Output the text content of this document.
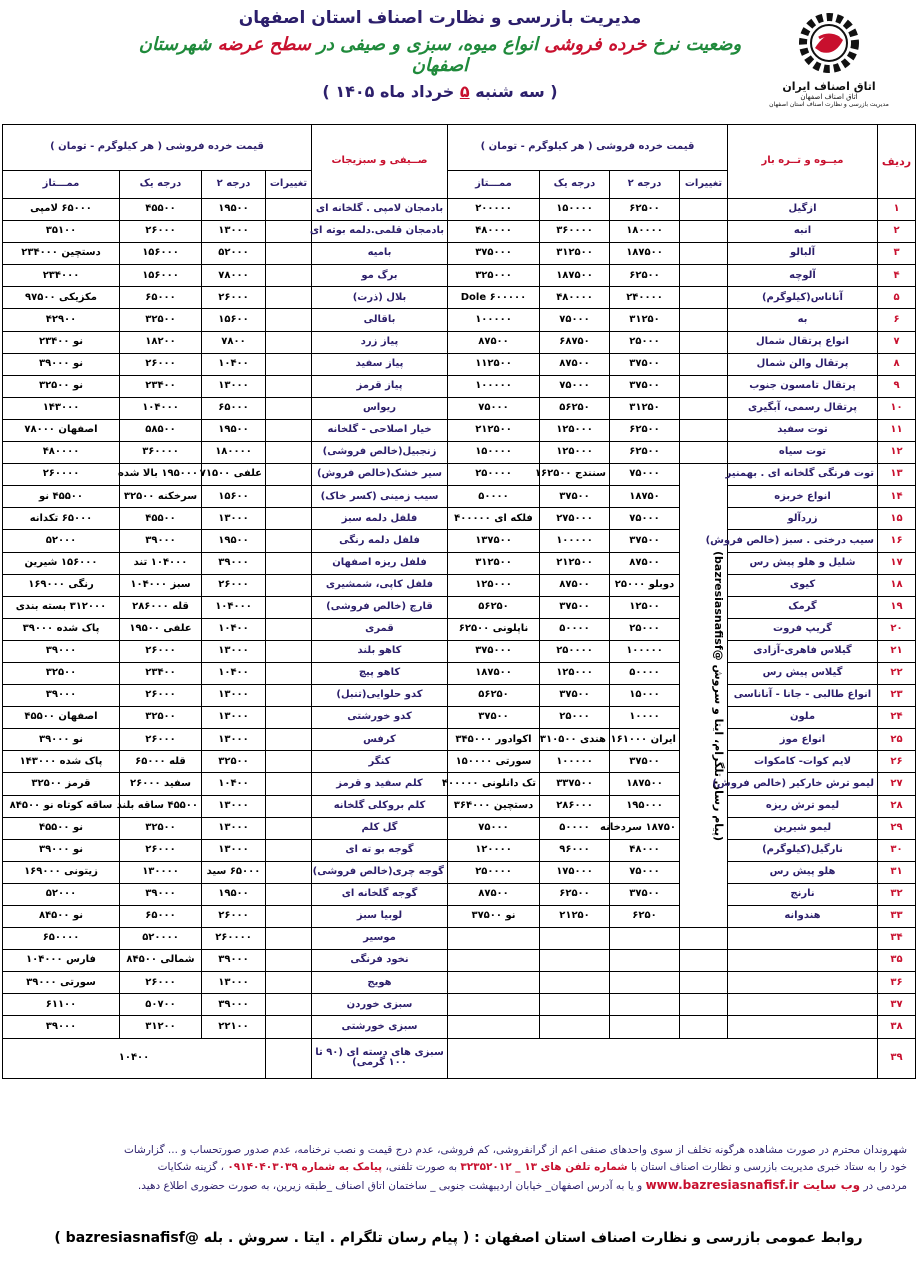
مدیریت بازرسی و نظارت اصناف استان اصفهان
وضعیت نرخ خرده فروشی انواع میوه، سبزی و صیفی در سطح عرضه شهرستان اصفهان
( سه شنبه ۵ خرداد ماه ۱۴۰۵ )	اتاق اصناف ایران
اتاق اصناف اصفهان
مدیریت بازرسی و نظارت اصناف استان اصفهان
ردیف	میــوه و تــره بار	قیمت خرده فروشی ( هر کیلوگرم - تومان )				صــیفی و سبزیجات	قیمت خرده فروشی ( هر کیلوگرم - تومان )			
		تغییرات	درجه ۲	درجه یک	ممـــتاز		تغییرات	درجه ۲	درجه یک	ممـــتاز
۱	ازگیل		۶۲۵۰۰	۱۵۰۰۰۰	۲۰۰۰۰۰	بادمجان لامپی . گلخانه ای		۱۹۵۰۰	۴۵۵۰۰	۶۵۰۰۰ لامپی
۲	انبه		۱۸۰۰۰۰	۳۶۰۰۰۰	۴۸۰۰۰۰	بادمجان قلمی.دلمه بوته ای		۱۳۰۰۰	۲۶۰۰۰	۳۵۱۰۰
۳	آلبالو		۱۸۷۵۰۰	۳۱۲۵۰۰	۳۷۵۰۰۰	بامیه		۵۲۰۰۰	۱۵۶۰۰۰	دستچین ۲۳۴۰۰۰
۴	آلوچه		۶۲۵۰۰	۱۸۷۵۰۰	۳۲۵۰۰۰	برگ مو		۷۸۰۰۰	۱۵۶۰۰۰	۲۳۴۰۰۰
۵	آناناس(کیلوگرم)		۲۴۰۰۰۰	۴۸۰۰۰۰	Dole ۶۰۰۰۰۰	بلال (ذرت)		۲۶۰۰۰	۶۵۰۰۰	مکزیکی ۹۷۵۰۰
۶	به		۳۱۲۵۰	۷۵۰۰۰	۱۰۰۰۰۰	باقالی		۱۵۶۰۰	۳۲۵۰۰	۴۲۹۰۰
۷	انواع پرتقال شمال		۲۵۰۰۰	۶۸۷۵۰	۸۷۵۰۰	پیاز زرد		۷۸۰۰	۱۸۲۰۰	نو ۲۳۴۰۰
۸	پرتقال والن شمال		۳۷۵۰۰	۸۷۵۰۰	۱۱۲۵۰۰	پیاز سفید		۱۰۴۰۰	۲۶۰۰۰	نو ۳۹۰۰۰
۹	پرتقال تامسون جنوب		۳۷۵۰۰	۷۵۰۰۰	۱۰۰۰۰۰	پیاز قرمز		۱۳۰۰۰	۲۳۴۰۰	نو ۳۲۵۰۰
۱۰	پرتقال رسمی، آبگیری		۳۱۲۵۰	۵۶۲۵۰	۷۵۰۰۰	ریواس		۶۵۰۰۰	۱۰۴۰۰۰	۱۴۳۰۰۰
۱۱	توت سفید		۶۲۵۰۰	۱۲۵۰۰۰	۲۱۲۵۰۰	خیار اصلاحی - گلخانه		۱۹۵۰۰	۵۸۵۰۰	اصفهان ۷۸۰۰۰
۱۲	توت سیاه		۶۲۵۰۰	۱۲۵۰۰۰	۱۵۰۰۰۰	زنجبیل(خالص فروشی)		۱۸۰۰۰۰	۳۶۰۰۰۰	۴۸۰۰۰۰
۱۳	توت فرنگی گلخانه ای . بهمنیر	(پیام رسان تلگرام، ایتا و سروش @bazresiasnafisf)	۷۵۰۰۰	سنندج ۱۶۲۵۰۰	۲۵۰۰۰۰	سیر خشک(خالص فروش)		علفی ۷۱۵۰۰	۱۹۵۰۰۰ بالا شده	۲۶۰۰۰۰
۱۴	انواع خربزه		۱۸۷۵۰	۳۷۵۰۰	۵۰۰۰۰	سیب زمینی (کسر خاک)		۱۵۶۰۰	سرخکنه ۳۲۵۰۰	۴۵۵۰۰ نو
۱۵	زردآلو		۷۵۰۰۰	۲۷۵۰۰۰	فلکه ای ۴۰۰۰۰۰	فلفل دلمه سبز		۱۳۰۰۰	۴۵۵۰۰	۶۵۰۰۰ تکدانه
۱۶	سیب درختی . سبز (خالص فروش)		۳۷۵۰۰	۱۰۰۰۰۰	۱۳۷۵۰۰	فلفل دلمه رنگی		۱۹۵۰۰	۳۹۰۰۰	۵۲۰۰۰
۱۷	شلیل و هلو پیش رس		۸۷۵۰۰	۲۱۲۵۰۰	۳۱۲۵۰۰	فلفل ریزه اصفهان		۳۹۰۰۰	۱۰۴۰۰۰ تند	۱۵۶۰۰۰ شیرین
۱۸	کیوی		دوبلو ۲۵۰۰۰	۸۷۵۰۰	۱۲۵۰۰۰	فلفل کاپی، شمشیری		۲۶۰۰۰	سبز ۱۰۴۰۰۰	رنگی ۱۶۹۰۰۰
۱۹	گرمک		۱۲۵۰۰	۳۷۵۰۰	۵۶۲۵۰	قارچ (خالص فروشی)		۱۰۴۰۰۰	قله ۲۸۶۰۰۰	۳۱۲۰۰۰ بسته بندی
۲۰	گریپ فروت		۲۵۰۰۰	۵۰۰۰۰	ناپلونی ۶۲۵۰۰	قمری		۱۰۴۰۰	علفی ۱۹۵۰۰	پاک شده ۳۹۰۰۰
۲۱	گیلاس فاهری-آزادی		۱۰۰۰۰۰	۲۵۰۰۰۰	۳۷۵۰۰۰	کاهو بلند		۱۳۰۰۰	۲۶۰۰۰	۳۹۰۰۰
۲۲	گیلاس پیش رس		۵۰۰۰۰	۱۲۵۰۰۰	۱۸۷۵۰۰	کاهو پیچ		۱۰۴۰۰	۲۳۴۰۰	۳۲۵۰۰
۲۳	انواع طالبی - جانا - آناناسی		۱۵۰۰۰	۳۷۵۰۰	۵۶۲۵۰	کدو حلوایی(تنبل)		۱۳۰۰۰	۲۶۰۰۰	۳۹۰۰۰
۲۴	ملون		۱۰۰۰۰	۲۵۰۰۰	۳۷۵۰۰	کدو خورشتی		۱۳۰۰۰	۳۲۵۰۰	اصفهان ۴۵۵۰۰
۲۵	انواع موز		ایران ۱۶۱۰۰۰	هندی ۳۱۰۵۰۰	اکوادور ۳۴۵۰۰۰	کرفس		۱۳۰۰۰	۲۶۰۰۰	نو ۳۹۰۰۰
۲۶	لایم کوات- کامکوات		۳۷۵۰۰	۱۰۰۰۰۰	سورتی ۱۵۰۰۰۰	کنگر		۳۲۵۰۰	قله ۶۵۰۰۰	پاک شده ۱۴۳۰۰۰
۲۷	لیمو ترش خارکیر (خالص فروش)		۱۸۷۵۰۰	۳۳۷۵۰۰	تک دانلونی ۴۰۰۰۰۰	کلم سفید و قرمز		۱۰۴۰۰	سفید ۲۶۰۰۰	قرمز ۳۲۵۰۰
۲۸	لیمو ترش ریزه		۱۹۵۰۰۰	۲۸۶۰۰۰	دستچین ۳۶۴۰۰۰	کلم بروکلی گلخانه		۱۳۰۰۰	۴۵۵۰۰ ساقه بلند	ساقه کوتاه نو ۸۴۵۰۰
۲۹	لیمو شیرین		۱۸۷۵۰ سر‌دخانه	۵۰۰۰۰	۷۵۰۰۰	گل کلم		۱۳۰۰۰	۳۲۵۰۰	نو ۴۵۵۰۰
۳۰	نارگیل(کیلوگرم)		۴۸۰۰۰	۹۶۰۰۰	۱۲۰۰۰۰	گوجه بو ته ای		۱۳۰۰۰	۲۶۰۰۰	نو ۳۹۰۰۰
۳۱	هلو پیش رس		۷۵۰۰۰	۱۷۵۰۰۰	۲۵۰۰۰۰	گوجه چری(خالص فروشی)		۶۵۰۰۰ سید	۱۳۰۰۰۰	زیتونی ۱۶۹۰۰۰
۳۲	نارنج		۳۷۵۰۰	۶۲۵۰۰	۸۷۵۰۰	گوجه گلخانه ای		۱۹۵۰۰	۳۹۰۰۰	۵۲۰۰۰
۳۳	هندوانه		۶۲۵۰	۲۱۲۵۰	نو ۳۷۵۰۰	لوبیا سبز		۲۶۰۰۰	۶۵۰۰۰	نو ۸۴۵۰۰
۳۴						موسیر		۲۶۰۰۰۰	۵۲۰۰۰۰	۶۵۰۰۰۰
۳۵						نخود فرنگی		۳۹۰۰۰	شمالی ۸۴۵۰۰	فارس ۱۰۴۰۰۰
۳۶						هویج		۱۳۰۰۰	۲۶۰۰۰	سورتی ۳۹۰۰۰
۳۷						سبزی خوردن		۳۹۰۰۰	۵۰۷۰۰	۶۱۱۰۰
۳۸						سبزی خورشتی		۲۲۱۰۰	۳۱۲۰۰	۳۹۰۰۰
۳۹						سبزی های دسته ای (۹۰ تا ۱۰۰ گرمی)		۱۰۴۰۰		
شهروندان محترم در صورت مشاهده هرگونه تخلف از سوی واحدهای صنفی اعم از گرانفروشی، کم فروشی، عدم درج قیمت و نصب نرخنامه، عدم صدور صورتحساب و ... گزارشات
خود را به ستاد خبری مدیریت بازرسی و نظارت اصناف استان با شماره تلفن های ۱۳ _ ۳۲۳۵۲۰۱۲ به صورت تلفنی، پیامک به شماره ۰۹۱۴۰۴۰۳۰۳۹ ، گزینه شکایات
مردمی در وب سایت www.bazresiasnafisf.ir و یا به آدرس اصفهان_ خیابان اردیبهشت جنوبی _ ساختمان اتاق اصناف _طبقه زیرین، به صورت حضوری اطلاع دهید.
روابط عمومی بازرسی و نظارت اصناف استان اصفهان : ( پیام رسان تلگرام . ایتا . سروش . بله @bazresiasnafisf )
